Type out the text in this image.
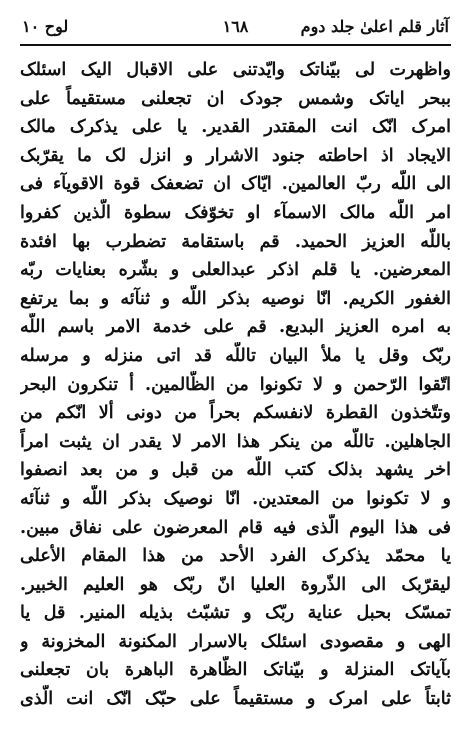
لوح ١٠	١٦٨	آثار قلم اعلیٰ جلد دوم
واظهرت لی بیّناتک وایّدتنی علی الاقبال الیک اسئلک
ببحر ایاتک وشمس جودک ان تجعلنی مستقیماً علی
امرک انّک انت المقتدر القدیر. یا علی یذکرک مالک
الایجاد اذ احاطته جنود الاشرار و انزل لک ما یقرّبک
الی اللّه ربّ العالمین. ایّاک ان تضعفک قوة الاقویآء فی
امر اللّه مالک الاسمآء او تخوّفک سطوة الّذین کفروا
باللّه العزیز الحمید. قم باستقامة تضطرب بها افئدة
المعرضین. یا قلم اذکر عبدالعلی و بشّره بعنایات ربّه
الغفور الکریم. انّا نوصیه بذکر اللّه و ثنآئه و بما یرتفع
به امره العزیز البدیع. قم علی خدمة الامر باسم اللّه
ربّک وقل یا ملأ البیان تاللّه قد اتی منزله و مرسله
اتّقوا الرّحمن و لا تکونوا من الظّالمین. أ تنکرون البحر
وتتّخذون القطرة لانفسکم بحراً من دونی ألا انّکم من
الجاهلین. تاللّه من ینکر هذا الامر لا یقدر ان یثبت امراً
اخر یشهد بذلک کتب اللّه من قبل و من بعد انصفوا
و لا تکونوا من المعتدین. انّا نوصیک بذکر اللّه و ثنآئه
فی هذا الیوم الّذی فیه قام المعرضون علی نفاق مبین.
یا محمّد یذکرک الفرد الأحد من هذا المقام الأعلی
لیقرّبک الی الذّروة العلیا انّ ربّک هو العلیم الخبیر.
تمسّک بحبل عنایة ربّک و تشبّث بذیله المنیر. قل یا
الهی و مقصودی اسئلک بالاسرار المکنونة المخزونة و
بآیاتک المنزلة و بیّناتک الظّاهرة الباهرة بان تجعلنی
ثابتاً علی امرک و مستقیماً علی حبّک انّک انت الّذی
